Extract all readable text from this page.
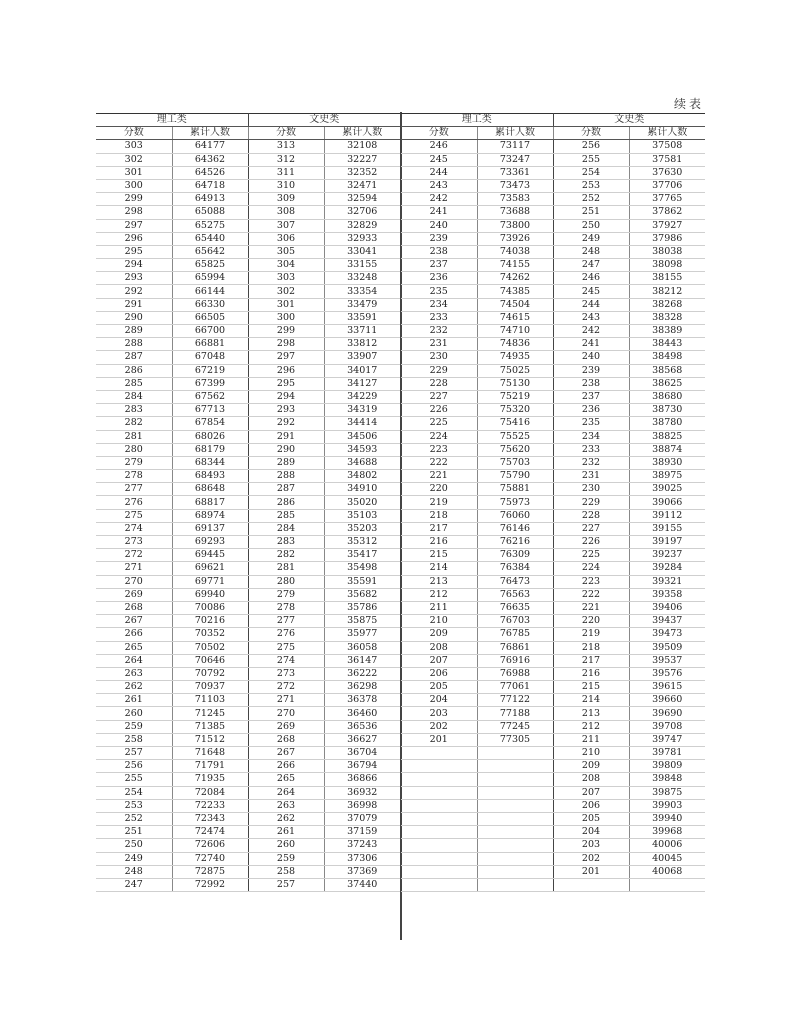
续表
理工类		文史类	
分数	累计人数	分数	累计人数
303	64177	313	32108
302	64362	312	32227
301	64526	311	32352
300	64718	310	32471
299	64913	309	32594
298	65088	308	32706
297	65275	307	32829
296	65440	306	32933
295	65642	305	33041
294	65825	304	33155
293	65994	303	33248
292	66144	302	33354
291	66330	301	33479
290	66505	300	33591
289	66700	299	33711
288	66881	298	33812
287	67048	297	33907
286	67219	296	34017
285	67399	295	34127
284	67562	294	34229
283	67713	293	34319
282	67854	292	34414
281	68026	291	34506
280	68179	290	34593
279	68344	289	34688
278	68493	288	34802
277	68648	287	34910
276	68817	286	35020
275	68974	285	35103
274	69137	284	35203
273	69293	283	35312
272	69445	282	35417
271	69621	281	35498
270	69771	280	35591
269	69940	279	35682
268	70086	278	35786
267	70216	277	35875
266	70352	276	35977
265	70502	275	36058
264	70646	274	36147
263	70792	273	36222
262	70937	272	36298
261	71103	271	36378
260	71245	270	36460
259	71385	269	36536
258	71512	268	36627
257	71648	267	36704
256	71791	266	36794
255	71935	265	36866
254	72084	264	36932
253	72233	263	36998
252	72343	262	37079
251	72474	261	37159
250	72606	260	37243
249	72740	259	37306
248	72875	258	37369
247	72992	257	37440
理工类		文史类	
分数	累计人数	分数	累计人数
246	73117	256	37508
245	73247	255	37581
244	73361	254	37630
243	73473	253	37706
242	73583	252	37765
241	73688	251	37862
240	73800	250	37927
239	73926	249	37986
238	74038	248	38038
237	74155	247	38098
236	74262	246	38155
235	74385	245	38212
234	74504	244	38268
233	74615	243	38328
232	74710	242	38389
231	74836	241	38443
230	74935	240	38498
229	75025	239	38568
228	75130	238	38625
227	75219	237	38680
226	75320	236	38730
225	75416	235	38780
224	75525	234	38825
223	75620	233	38874
222	75703	232	38930
221	75790	231	38975
220	75881	230	39025
219	75973	229	39066
218	76060	228	39112
217	76146	227	39155
216	76216	226	39197
215	76309	225	39237
214	76384	224	39284
213	76473	223	39321
212	76563	222	39358
211	76635	221	39406
210	76703	220	39437
209	76785	219	39473
208	76861	218	39509
207	76916	217	39537
206	76988	216	39576
205	77061	215	39615
204	77122	214	39660
203	77188	213	39690
202	77245	212	39708
201	77305	211	39747
		210	39781
		209	39809
		208	39848
		207	39875
		206	39903
		205	39940
		204	39968
		203	40006
		202	40045
		201	40068
